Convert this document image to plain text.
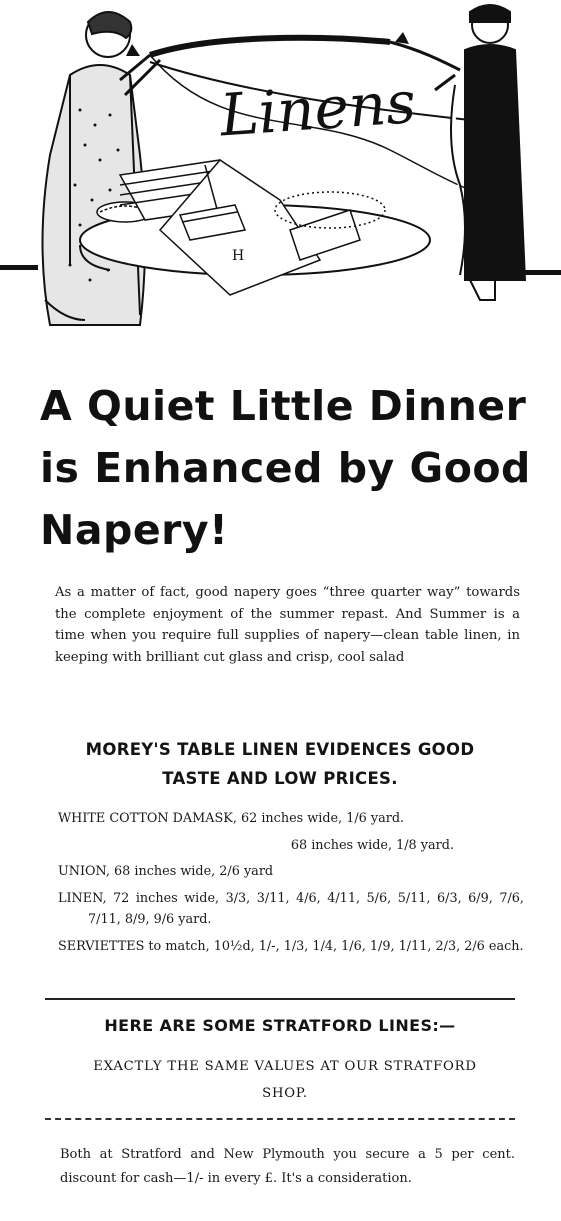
Linens
H
A Quiet Little Dinner
is Enhanced by Good
Napery!
As a matter of fact, good napery goes “three quarter way” towards the complete enjoyment of the summer repast. And Summer is a time when you require full supplies of napery—clean table linen, in keeping with brilliant cut glass and crisp, cool salad
MOREY'S TABLE LINEN EVIDENCES GOOD
TASTE AND LOW PRICES.

WHITE COTTON DAMASK, 62 inches wide, 1/6 yard.

68 inches wide, 1/8 yard.

UNION, 68 inches wide, 2/6 yard

LINEN, 72 inches wide, 3/3, 3/11, 4/6, 4/11, 5/6, 5/11, 6/3, 6/9, 7/6, 7/11, 8/9, 9/6 yard.

SERVIETTES to match, 10½d, 1/-, 1/3, 1/4, 1/6, 1/9, 1/11, 2/3, 2/6 each.

HERE ARE SOME STRATFORD LINES:—
EXACTLY THE SAME VALUES AT OUR STRATFORD
SHOP.
Both at Stratford and New Plymouth you secure a 5 per cent. discount for cash—1/- in every £. It's a consideration.
